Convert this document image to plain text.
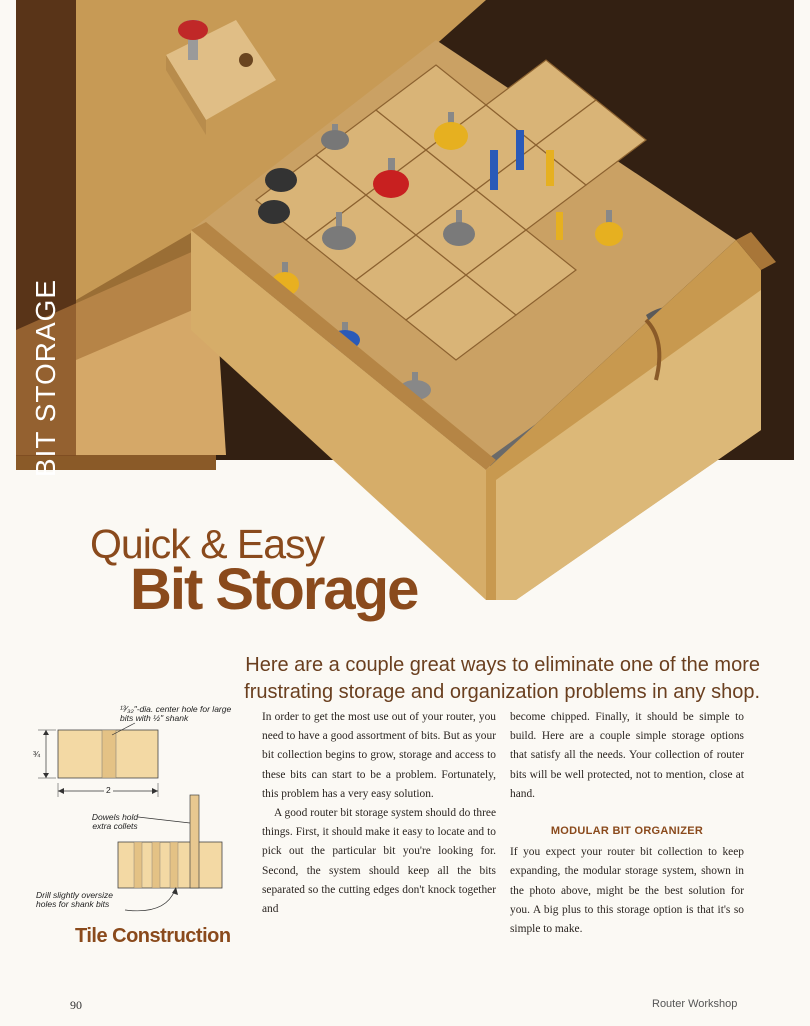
BIT STORAGE
Quick & Easy
Bit Storage
Here are a couple great ways to eliminate one of the more frustrating storage and organization problems in any shop.
¹³⁄₃₂"-dia. center hole for large bits with ½" shank
¾
2
Dowels hold extra collets
Drill slightly oversize holes for shank bits
Tile Construction

In order to get the most use out of your router, you need to have a good assortment of bits. But as your bit collection begins to grow, storage and access to these bits can start to be a problem. Fortunately, this problem has a very easy solution.

A good router bit storage system should do three things. First, it should make it easy to locate and to pick out the particular bit you're looking for. Second, the system should keep all the bits separated so the cutting edges don't knock together and

become chipped. Finally, it should be simple to build. Here are a couple simple storage options that satisfy all the needs. Your collection of router bits will be well protected, not to mention, close at hand.

MODULAR BIT ORGANIZER

If you expect your router bit collection to keep expanding, the modular storage system, shown in the photo above, might be the best solution for you. A big plus to this storage option is that it's so simple to make.

90	Router Workshop
